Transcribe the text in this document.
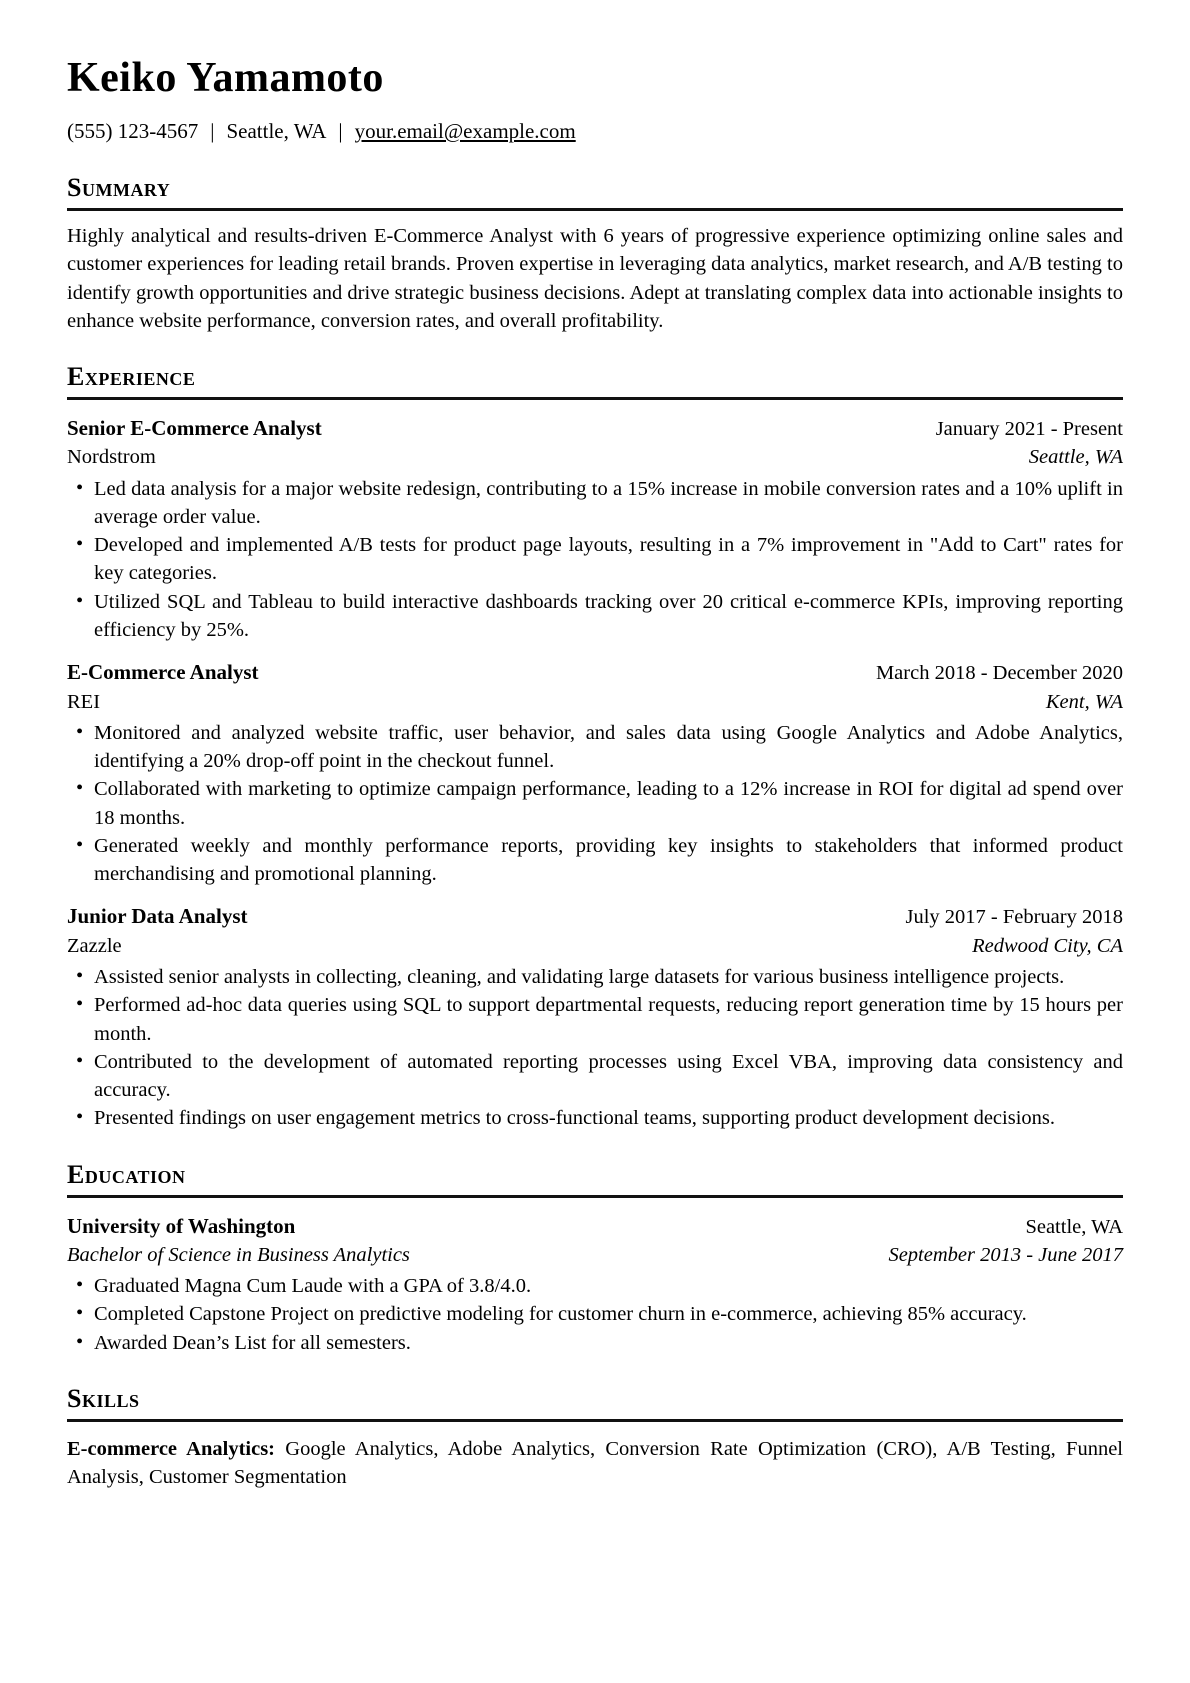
Keiko Yamamoto
(555) 123-4567 | Seattle, WA | your.email@example.com
Summary

Highly analytical and results-driven E-Commerce Analyst with 6 years of progressive experience optimizing online sales and customer experiences for leading retail brands. Proven expertise in leveraging data analytics, market research, and A/B testing to identify growth opportunities and drive strategic business decisions. Adept at translating complex data into actionable insights to enhance website performance, conversion rates, and overall profitability.

Experience
Senior E-Commerce Analyst	January 2021 - Present
Nordstrom	Seattle, WA
• Led data analysis for a major website redesign, contributing to a 15% increase in mobile conversion rates and a 10% uplift in average order value.
• Developed and implemented A/B tests for product page layouts, resulting in a 7% improvement in "Add to Cart" rates for key categories.
• Utilized SQL and Tableau to build interactive dashboards tracking over 20 critical e-commerce KPIs, improving reporting efficiency by 25%.
E-Commerce Analyst	March 2018 - December 2020
REI	Kent, WA
• Monitored and analyzed website traffic, user behavior, and sales data using Google Analytics and Adobe Analytics, identifying a 20% drop-off point in the checkout funnel.
• Collaborated with marketing to optimize campaign performance, leading to a 12% increase in ROI for digital ad spend over 18 months.
• Generated weekly and monthly performance reports, providing key insights to stakeholders that informed product merchandising and promotional planning.
Junior Data Analyst	July 2017 - February 2018
Zazzle	Redwood City, CA
• Assisted senior analysts in collecting, cleaning, and validating large datasets for various business intelligence projects.
• Performed ad-hoc data queries using SQL to support departmental requests, reducing report generation time by 15 hours per month.
• Contributed to the development of automated reporting processes using Excel VBA, improving data consistency and accuracy.
• Presented findings on user engagement metrics to cross-functional teams, supporting product development decisions.
Education
University of Washington	Seattle, WA
Bachelor of Science in Business Analytics	September 2013 - June 2017
• Graduated Magna Cum Laude with a GPA of 3.8/4.0.
• Completed Capstone Project on predictive modeling for customer churn in e-commerce, achieving 85% accuracy.
• Awarded Dean’s List for all semesters.
Skills

E-commerce Analytics: Google Analytics, Adobe Analytics, Conversion Rate Optimization (CRO), A/B Testing, Funnel Analysis, Customer Segmentation
